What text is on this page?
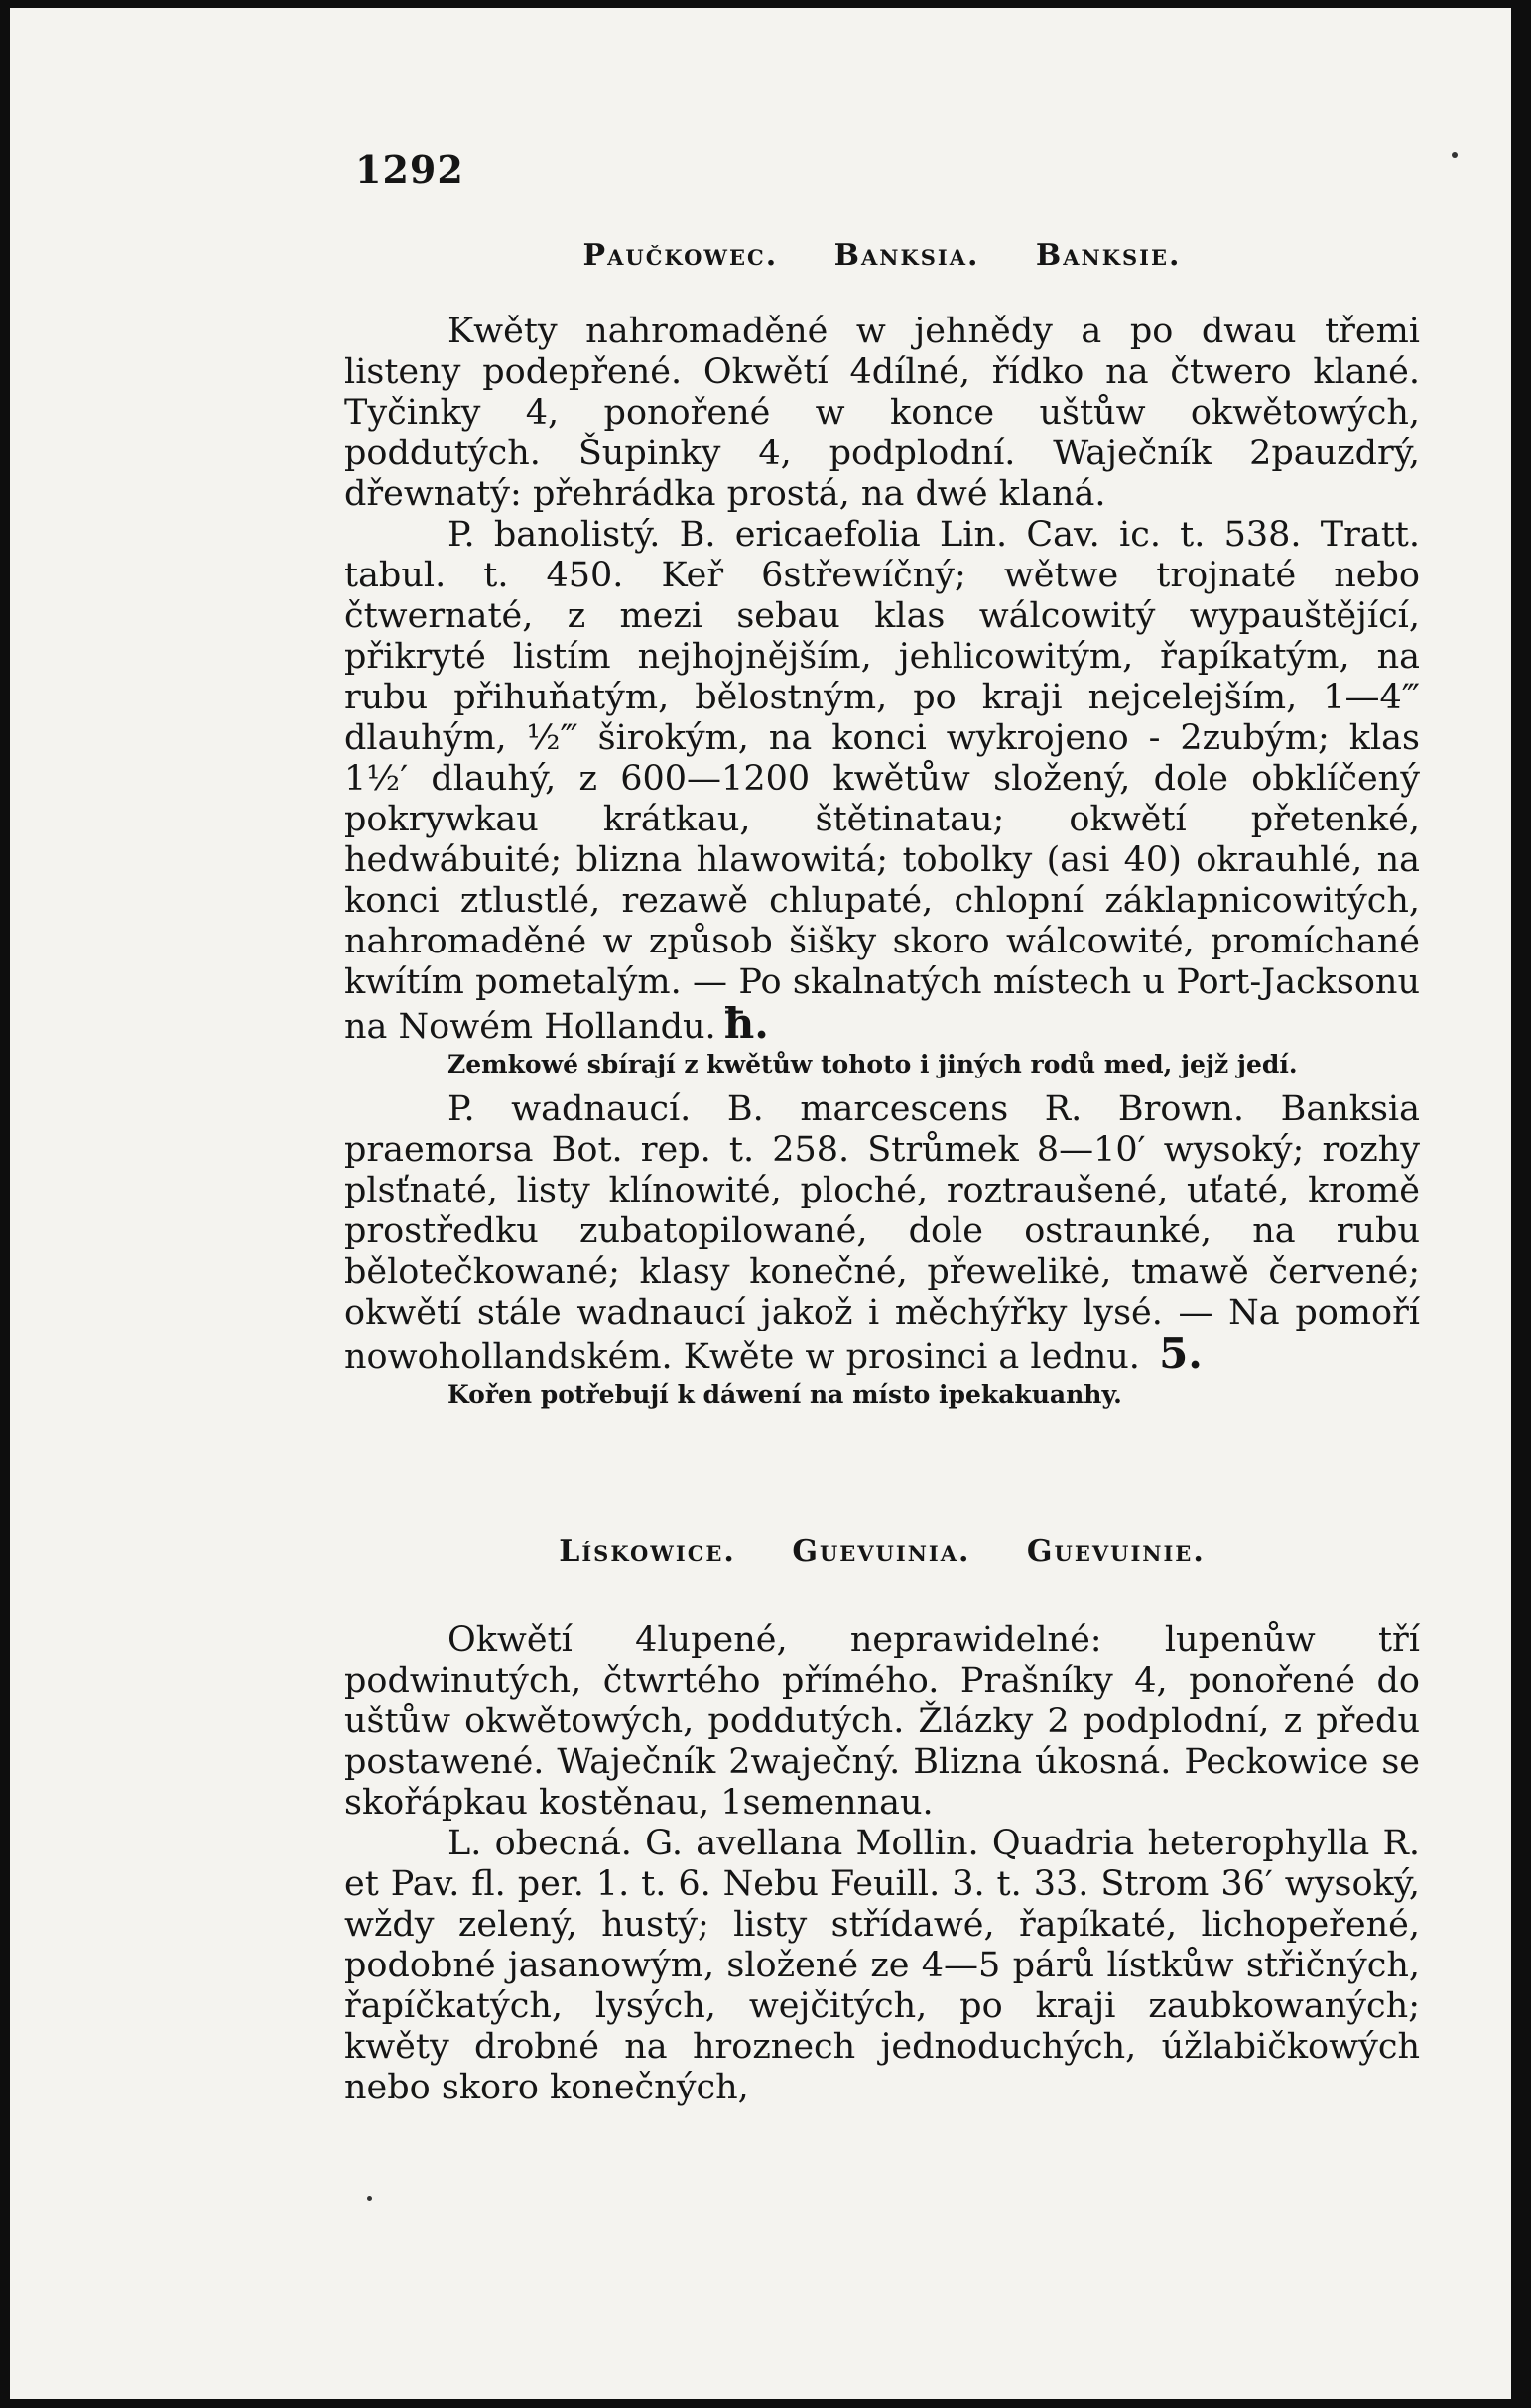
1292
Paučkowec. Banksia. Banksie.

Kwěty nahromaděné w jehnědy a po dwau třemi listeny podepřené. Okwětí 4dílné, řídko na čtwero klané. Tyčinky 4, ponořené w konce uštůw okwětowých, poddutých. Šupinky 4, podplodní. Waječník 2pauzdrý, dřewnatý: přehrádka prostá, na dwé klaná.

P. banolistý. B. ericaefolia Lin. Cav. ic. t. 538. Tratt. tabul. t. 450. Keř 6střewíčný; wětwe trojnaté nebo čtwernaté, z mezi sebau klas wálcowitý wypauštějící, přikryté listím nejhojnějším, jehlicowitým, řapíkatým, na rubu přihuňatým, bělostným, po kraji nejcelejším, 1—4‴ dlauhým, ½‴ širokým, na konci wykrojeno - 2zubým; klas 1½′ dlauhý, z 600—1200 kwětůw složený, dole obklíčený pokrywkau krátkau, štětinatau; okwětí přetenké, hedwábuité; blizna hlawowitá; tobolky (asi 40) okrauhlé, na konci ztlustlé, rezawě chlupaté, chlopní záklapnicowitých, nahromaděné w způsob šišky skoro wálcowité, promíchané kwítím pometalým. — Po skalnatých místech u Port-Jacksonu na Nowém Hollandu. ħ.

Zemkowé sbírají z kwětůw tohoto i jiných rodů med, jejž jedí.

P. wadnaucí. B. marcescens R. Brown. Banksia praemorsa Bot. rep. t. 258. Strůmek 8—10′ wysoký; rozhy plsťnaté, listy klínowité, ploché, roztraušené, uťaté, kromě prostředku zubatopilowané, dole ostraunké, na rubu bělotečkowané; klasy konečné, přewelikė, tmawě červené; okwětí stále wadnaucí jakož i měchýřky lysé. — Na pomoří nowohollandském. Kwěte w prosinci a lednu. 5.

Kořen potřebují k dáwení na místo ipekakuanhy.

Lískowice. Guevuinia. Guevuinie.

Okwětí 4lupené, neprawidelné: lupenůw tří podwinutých, čtwrtého přímého. Prašníky 4, ponořené do uštůw okwětowých, poddutých. Žlázky 2 podplodní, z předu postawené. Waječník 2waječný. Blizna úkosná. Peckowice se skořápkau kostěnau, 1semennau.

L. obecná. G. avellana Mollin. Quadria heterophylla R. et Pav. fl. per. 1. t. 6. Nebu Feuill. 3. t. 33. Strom 36′ wysoký, wždy zelený, hustý; listy střídawé, řapíkaté, lichopeřené, podobné jasanowým, složené ze 4—5 párů lístkůw střičných, řapíčkatých, lysých, wejčitých, po kraji zaubkowaných; kwěty drobné na hroznech jednoduchých, úžlabičkowých nebo skoro konečných,
